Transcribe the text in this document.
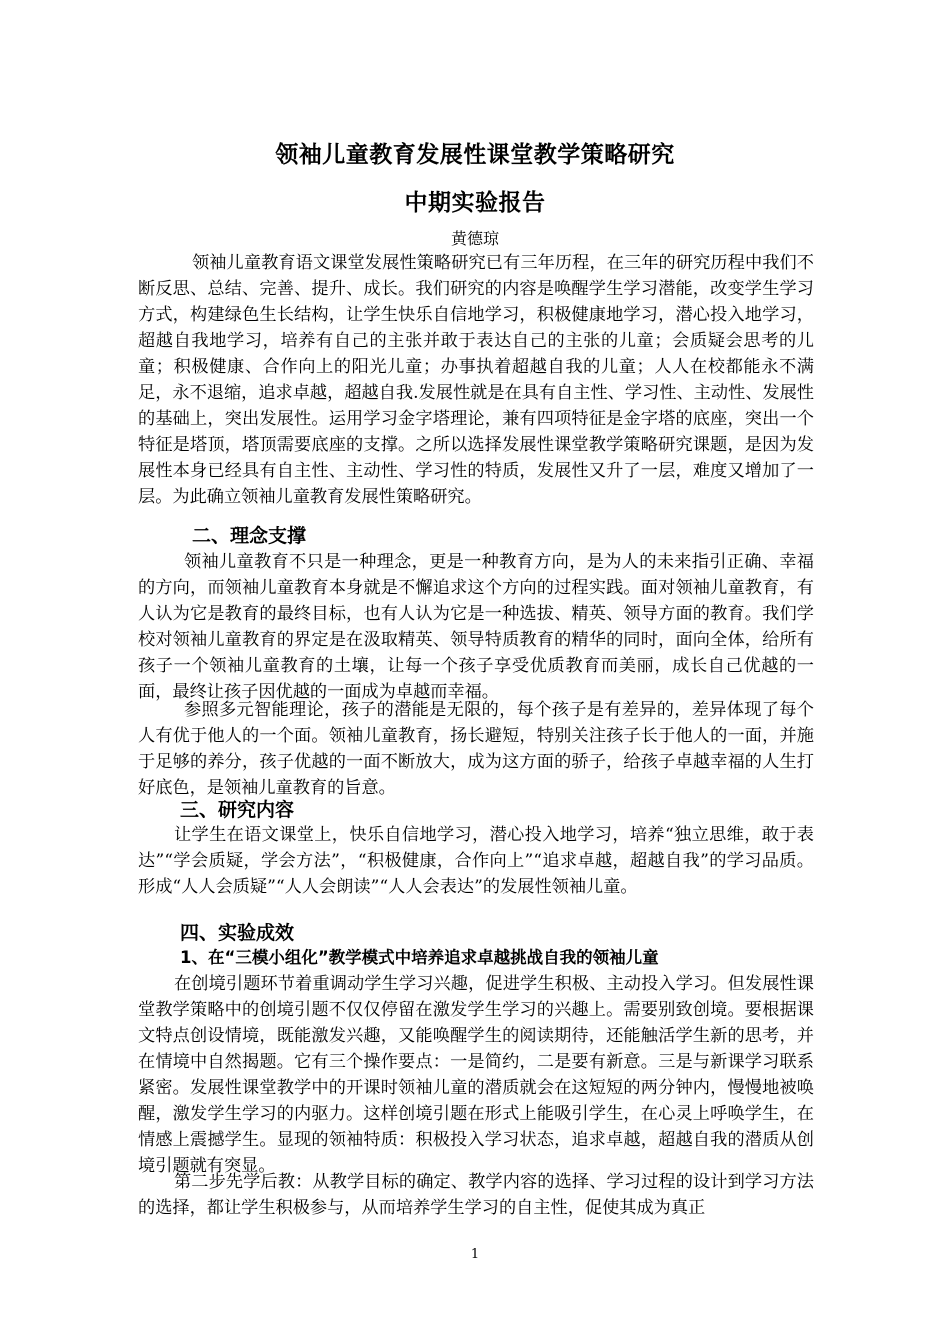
领袖儿童教育发展性课堂教学策略研究
中期实验报告
黄德琼

领袖儿童教育语文课堂发展性策略研究已有三年历程，在三年的研究历程中我们不断反思、总结、完善、提升、成长。我们研究的内容是唤醒学生学习潜能，改变学生学习方式，构建绿色生长结构，让学生快乐自信地学习，积极健康地学习，潜心投入地学习，超越自我地学习，培养有自己的主张并敢于表达自己的主张的儿童；会质疑会思考的儿童；积极健康、合作向上的阳光儿童；办事执着超越自我的儿童；人人在校都能永不满足，永不退缩，追求卓越，超越自我.发展性就是在具有自主性、学习性、主动性、发展性的基础上，突出发展性。运用学习金字塔理论，兼有四项特征是金字塔的底座，突出一个特征是塔顶，塔顶需要底座的支撑。之所以选择发展性课堂教学策略研究课题，是因为发展性本身已经具有自主性、主动性、学习性的特质，发展性又升了一层，难度又增加了一层。为此确立领袖儿童教育发展性策略研究。

二、理念支撑

领袖儿童教育不只是一种理念，更是一种教育方向，是为人的未来指引正确、幸福的方向，而领袖儿童教育本身就是不懈追求这个方向的过程实践。面对领袖儿童教育，有人认为它是教育的最终目标，也有人认为它是一种选拔、精英、领导方面的教育。我们学校对领袖儿童教育的界定是在汲取精英、领导特质教育的精华的同时，面向全体，给所有孩子一个领袖儿童教育的土壤，让每一个孩子享受优质教育而美丽，成长自己优越的一面，最终让孩子因优越的一面成为卓越而幸福。

参照多元智能理论，孩子的潜能是无限的，每个孩子是有差异的，差异体现了每个人有优于他人的一个面。领袖儿童教育，扬长避短，特别关注孩子长于他人的一面，并施于足够的养分，孩子优越的一面不断放大，成为这方面的骄子，给孩子卓越幸福的人生打好底色，是领袖儿童教育的旨意。

三、研究内容

让学生在语文课堂上，快乐自信地学习，潜心投入地学习，培养“独立思维，敢于表达”“学会质疑，学会方法”，“积极健康，合作向上”“追求卓越，超越自我”的学习品质。形成“人人会质疑”“人人会朗读”“人人会表达”的发展性领袖儿童。

四、实验成效
1、在“三模小组化”教学模式中培养追求卓越挑战自我的领袖儿童

在创境引题环节着重调动学生学习兴趣，促进学生积极、主动投入学习。但发展性课堂教学策略中的创境引题不仅仅停留在激发学生学习的兴趣上。需要别致创境。要根据课文特点创设情境，既能激发兴趣，又能唤醒学生的阅读期待，还能触活学生新的思考，并在情境中自然揭题。它有三个操作要点：一是简约，二是要有新意。三是与新课学习联系紧密。发展性课堂教学中的开课时领袖儿童的潜质就会在这短短的两分钟内，慢慢地被唤醒，激发学生学习的内驱力。这样创境引题在形式上能吸引学生，在心灵上呼唤学生，在情感上震撼学生。显现的领袖特质：积极投入学习状态，追求卓越，超越自我的潜质从创境引题就有突显。

第二步先学后教：从教学目标的确定、教学内容的选择、学习过程的设计到学习方法的选择，都让学生积极参与，从而培养学生学习的自主性，促使其成为真正

1
